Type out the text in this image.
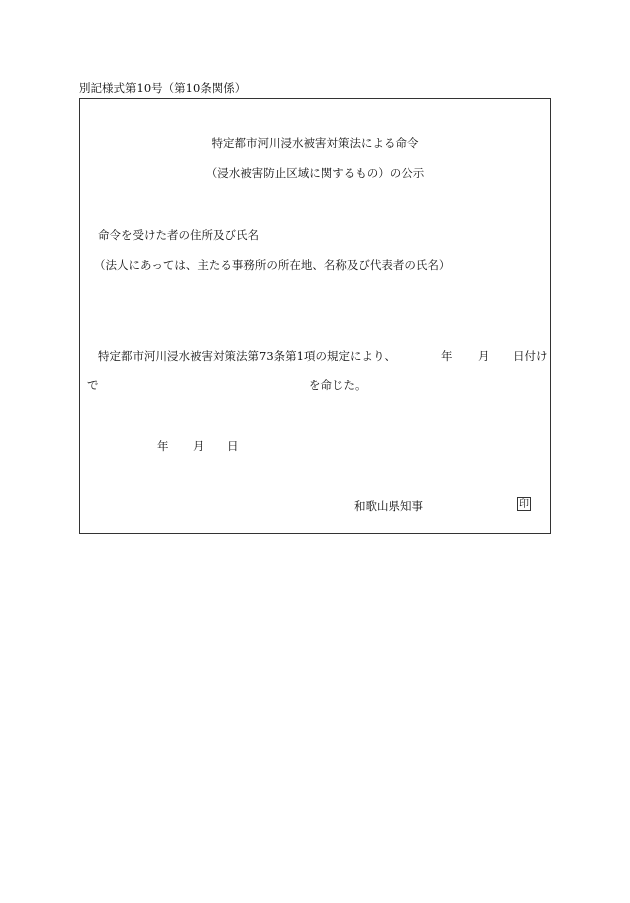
別記様式第10号（第10条関係）
特定都市河川浸水被害対策法による命令
（浸水被害防止区域に関するもの）の公示
命令を受けた者の住所及び氏名
（法人にあっては、主たる事務所の所在地、名称及び代表者の氏名）
特定都市河川浸水被害対策法第73条第1項の規定により、	年 月 日付け
で	を命じた。
年 月 日
和歌山県知事	印
